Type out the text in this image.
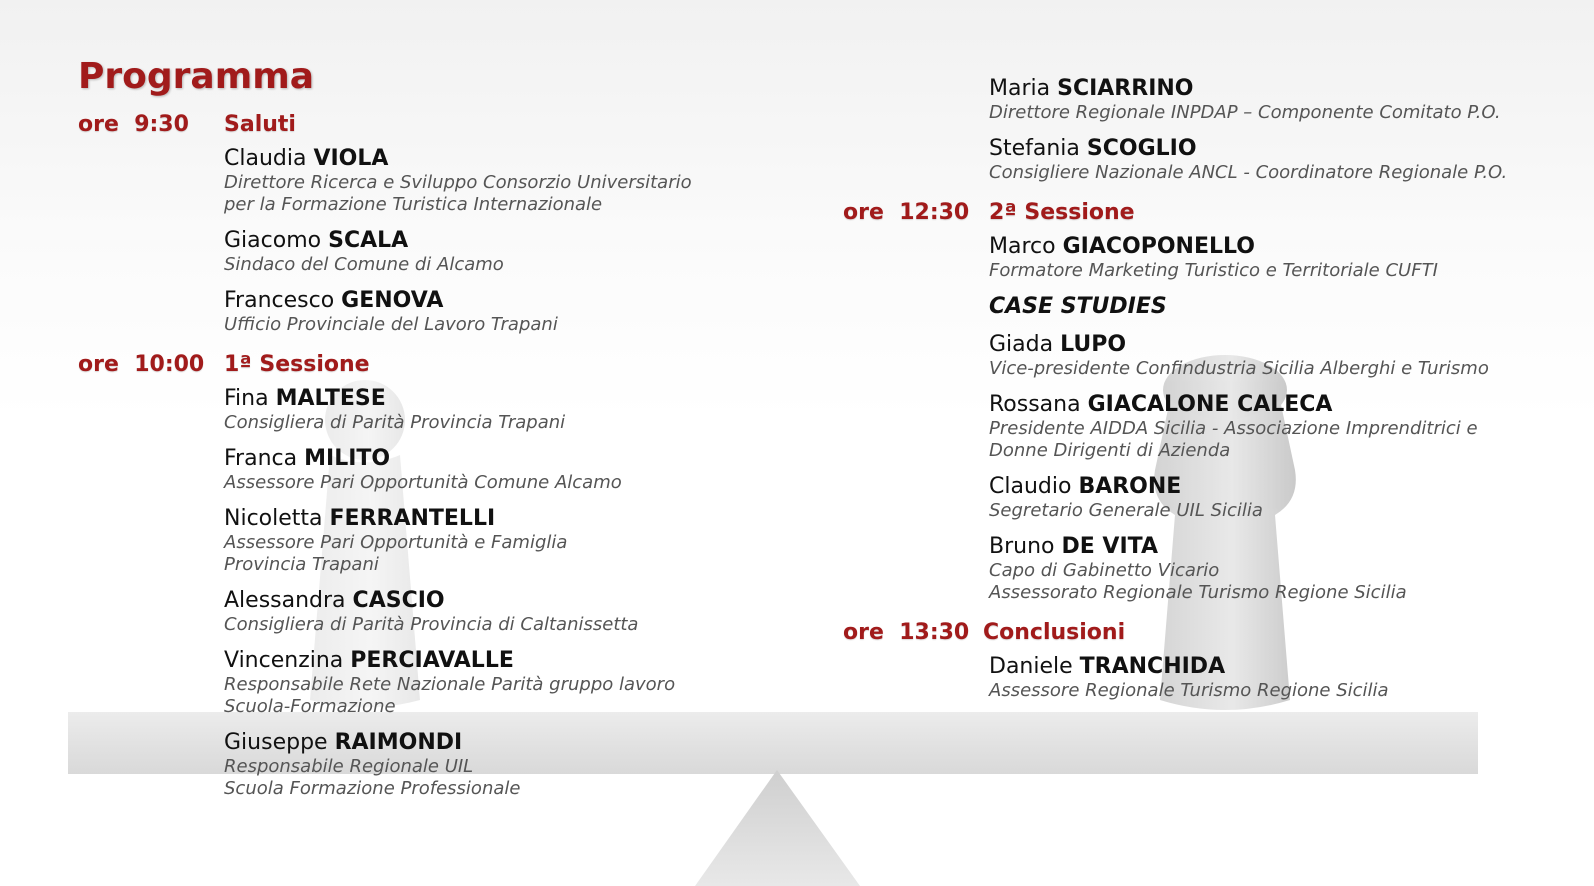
Programma
ore  9:30 Saluti
Claudia VIOLA
Direttore Ricerca e Sviluppo Consorzio Universitario
per la Formazione Turistica Internazionale
Giacomo SCALA
Sindaco del Comune di Alcamo
Francesco GENOVA
Ufficio Provinciale del Lavoro Trapani
ore  10:00 1ª Sessione
Fina MALTESE
Consigliera di Parità Provincia Trapani
Franca MILITO
Assessore Pari Opportunità Comune Alcamo
Nicoletta FERRANTELLI
Assessore Pari Opportunità e Famiglia
Provincia Trapani
Alessandra CASCIO
Consigliera di Parità Provincia di Caltanissetta
Vincenzina PERCIAVALLE
Responsabile Rete Nazionale Parità gruppo lavoro
Scuola-Formazione
Giuseppe RAIMONDI
Responsabile Regionale UIL
Scuola Formazione Professionale
Maria SCIARRINO
Direttore Regionale INPDAP – Componente Comitato P.O.
Stefania SCOGLIO
Consigliere Nazionale ANCL - Coordinatore Regionale P.O.
ore  12:30 2ª Sessione
Marco GIACOPONELLO
Formatore Marketing Turistico e Territoriale CUFTI
CASE STUDIES
Giada LUPO
Vice-presidente Confindustria Sicilia Alberghi e Turismo
Rossana GIACALONE CALECA
Presidente AIDDA Sicilia - Associazione Imprenditrici e
Donne Dirigenti di Azienda
Claudio BARONE
Segretario Generale UIL Sicilia
Bruno DE VITA
Capo di Gabinetto Vicario
Assessorato Regionale Turismo Regione Sicilia
ore  13:30 Conclusioni
Daniele TRANCHIDA
Assessore Regionale Turismo Regione Sicilia
